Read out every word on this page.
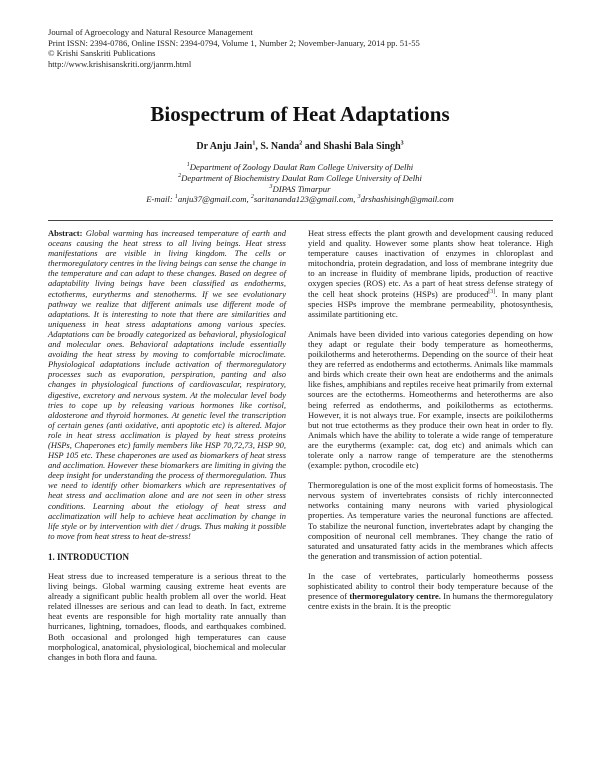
Journal of Agroecology and Natural Resource Management
Print ISSN: 2394-0786, Online ISSN: 2394-0794, Volume 1, Number 2; November-January, 2014 pp. 51-55
© Krishi Sanskriti Publications
http://www.krishisanskriti.org/janrm.html
Biospectrum of Heat Adaptations
Dr Anju Jain$^1$, S. Nanda$^2$ and Shashi Bala Singh$^3$
$^1$Department of Zoology Daulat Ram College University of Delhi
$^2$Department of Biochemistry Daulat Ram College University of Delhi
$^3$DIPAS Timarpur
E-mail: $^1$anju37@gmail.com, $^2$saritananda123@gmail.com, $^3$drshashisingh@gmail.com

Abstract: Global warming has increased temperature of earth and oceans causing the heat stress to all living beings. Heat stress manifestations are visible in living kingdom. The cells or thermoregulatory centres in the living beings can sense the change in the temperature and can adapt to these changes. Based on degree of adaptability living beings have been classified as endotherms, ectotherms, eurytherms and stenotherms. If we see evolutionary pathway we realize that different animals use different mode of adaptations. It is interesting to note that there are similarities and uniqueness in heat stress adaptations among various species. Adaptations can be broadly categorized as behavioral, physiological and molecular ones. Behavioral adaptations include essentially avoiding the heat stress by moving to comfortable microclimate. Physiological adaptations include activation of thermoregulatory processes such as evaporation, perspiration, panting and also changes in physiological functions of cardiovascular, respiratory, digestive, excretory and nervous system. At the molecular level body tries to cope up by releasing various hormones like cortisol, aldosterone and thyroid hormones. At genetic level the transcription of certain genes (anti oxidative, anti apoptotic etc) is altered. Major role in heat stress acclimation is played by heat stress proteins (HSPs, Chaperones etc) family members like HSP 70,72,73, HSP 90, HSP 105 etc. These chaperones are used as biomarkers of heat stress and acclimation. However these biomarkers are limiting in giving the deep insight for understanding the process of thermoregulation. Thus we need to identify other biomarkers which are representatives of heat stress and acclimation alone and are not seen in other stress conditions. Learning about the etiology of heat stress and acclimatization will help to achieve heat acclimation by change in life style or by intervention with diet / drugs. Thus making it possible to move from heat stress to heat de-stress!

1. INTRODUCTION

Heat stress due to increased temperature is a serious threat to the living beings. Global warming causing extreme heat events are already a significant public health problem all over the world. Heat related illnesses are serious and can lead to death. In fact, extreme heat events are responsible for high mortality rate annually than hurricanes, lightning, tornadoes, floods, and earthquakes combined. Both occasional and prolonged high temperatures can cause morphological, anatomical, physiological, biochemical and molecular changes in both flora and fauna.

Heat stress effects the plant growth and development causing reduced yield and quality. However some plants show heat tolerance. High temperature causes inactivation of enzymes in chloroplast and mitochondria, protein degradation, and loss of membrane integrity due to an increase in fluidity of membrane lipids, production of reactive oxygen species (ROS) etc. As a part of heat stress defense strategy of the cell heat shock proteins (HSPs) are produced[3]. In many plant species HSPs improve the membrane permeability, photosynthesis, assimilate partitioning etc.

Animals have been divided into various categories depending on how they adapt or regulate their body temperature as homeotherms, poikilotherms and heterotherms. Depending on the source of their heat they are referred as endotherms and ectotherms. Animals like mammals and birds which create their own heat are endotherms and the animals like fishes, amphibians and reptiles receive heat primarily from external sources are the ectotherms. Homeotherms and heterotherms are also being referred as endotherms, and poikilotherms as ectotherms. However, it is not always true. For example, insects are poikilotherms but not true ectotherms as they produce their own heat in order to fly. Animals which have the ability to tolerate a wide range of temperature are the eurytherms (example: cat, dog etc) and animals which can tolerate only a narrow range of temperature are the stenotherms (example: python, crocodile etc)

Thermoregulation is one of the most explicit forms of homeostasis. The nervous system of invertebrates consists of richly interconnected networks containing many neurons with varied physiological properties. As temperature varies the neuronal functions are affected. To stabilize the neuronal function, invertebrates adapt by changing the composition of neuronal cell membranes. They change the ratio of saturated and unsaturated fatty acids in the membranes which affects the generation and transmission of action potential.

In the case of vertebrates, particularly homeotherms possess sophisticated ability to control their body temperature because of the presence of thermoregulatory centre. In humans the thermoregulatory centre exists in the brain. It is the preoptic
